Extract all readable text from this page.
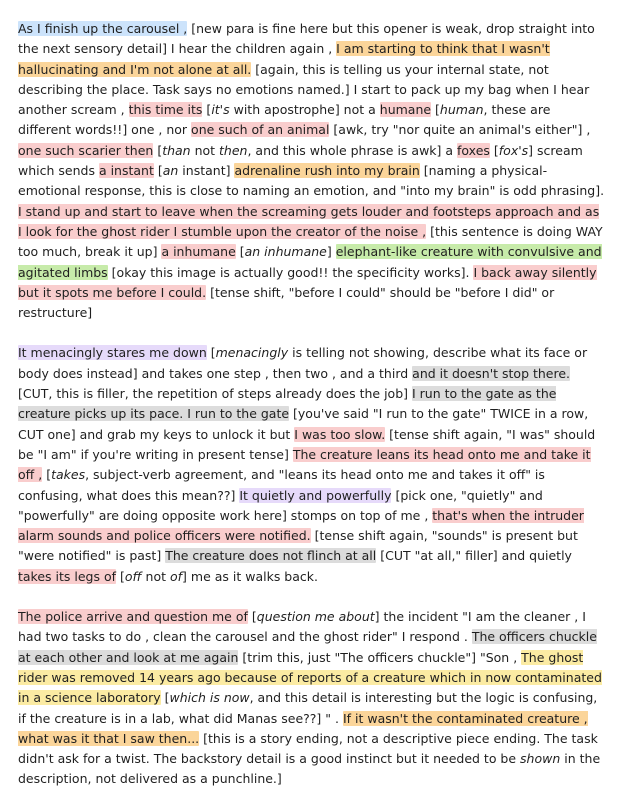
As I finish up the carousel , [new para is fine here but this opener is weak, drop straight into the next sensory detail] I hear the children again , I am starting to think that I wasn't hallucinating and I'm not alone at all. [again, this is telling us your internal state, not describing the place. Task says no emotions named.] I start to pack up my bag when I hear another scream , this time its [it's with apostrophe] not a humane [human, these are different words!!] one , nor one such of an animal [awk, try "nor quite an animal's either"] , one such scarier then [than not then, and this whole phrase is awk] a foxes [fox's] scream which sends a instant [an instant] adrenaline rush into my brain [naming a physical-emotional response, this is close to naming an emotion, and "into my brain" is odd phrasing]. I stand up and start to leave when the screaming gets louder and footsteps approach and as I look for the ghost rider I stumble upon the creator of the noise , [this sentence is doing WAY too much, break it up] a inhumane [an inhumane] elephant-like creature with convulsive and agitated limbs [okay this image is actually good!! the specificity works]. I back away silently but it spots me before I could. [tense shift, "before I could" should be "before I did" or restructure]

It menacingly stares me down [menacingly is telling not showing, describe what its face or body does instead] and takes one step , then two , and a third and it doesn't stop there. [CUT, this is filler, the repetition of steps already does the job] I run to the gate as the creature picks up its pace. I run to the gate [you've said "I run to the gate" TWICE in a row, CUT one] and grab my keys to unlock it but I was too slow. [tense shift again, "I was" should be "I am" if you're writing in present tense] The creature leans its head onto me and take it off , [takes, subject-verb agreement, and "leans its head onto me and takes it off" is confusing, what does this mean??] It quietly and powerfully [pick one, "quietly" and "powerfully" are doing opposite work here] stomps on top of me , that's when the intruder alarm sounds and police officers were notified. [tense shift again, "sounds" is present but "were notified" is past] The creature does not flinch at all [CUT "at all," filler] and quietly takes its legs of [off not of] me as it walks back.

The police arrive and question me of [question me about] the incident "I am the cleaner , I had two tasks to do , clean the carousel and the ghost rider" I respond . The officers chuckle at each other and look at me again [trim this, just "The officers chuckle"] "Son , The ghost rider was removed 14 years ago because of reports of a creature which in now contaminated in a science laboratory [which is now, and this detail is interesting but the logic is confusing, if the creature is in a lab, what did Manas see??] " . If it wasn't the contaminated creature , what was it that I saw then... [this is a story ending, not a descriptive piece ending. The task didn't ask for a twist. The backstory detail is a good instinct but it needed to be shown in the description, not delivered as a punchline.]
